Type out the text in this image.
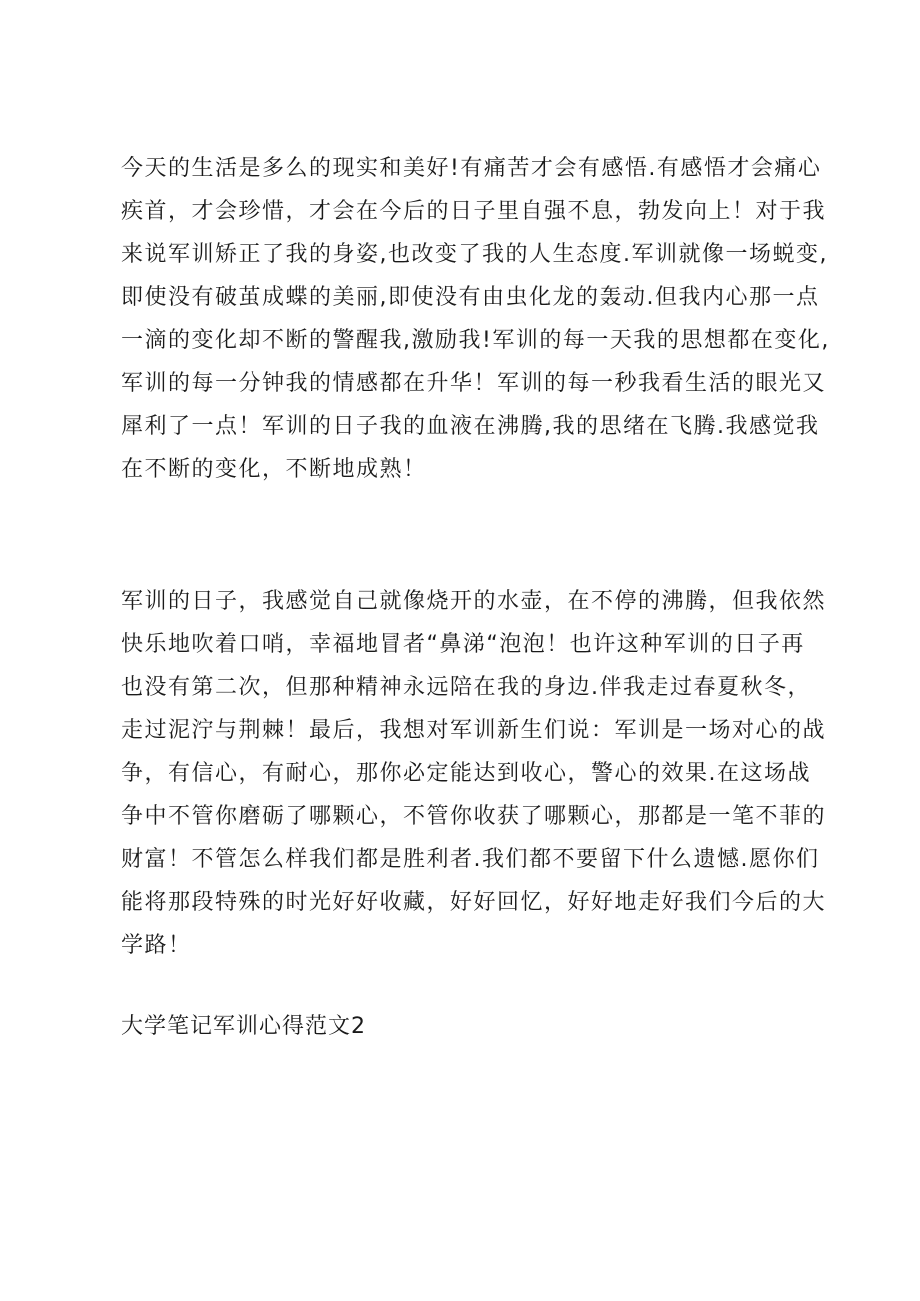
今天的生活是多么的现实和美好!有痛苦才会有感悟.有感悟才会痛心
疾首，才会珍惜，才会在今后的日子里自强不息，勃发向上！对于我
来说军训矫正了我的身姿,也改变了我的人生态度.军训就像一场蜕变,
即使没有破茧成蝶的美丽,即使没有由虫化龙的轰动.但我内心那一点
一滴的变化却不断的警醒我,激励我!军训的每一天我的思想都在变化,
军训的每一分钟我的情感都在升华！军训的每一秒我看生活的眼光又
犀利了一点！军训的日子我的血液在沸腾,我的思绪在飞腾.我感觉我
在不断的变化，不断地成熟！
军训的日子，我感觉自己就像烧开的水壶，在不停的沸腾，但我依然
快乐地吹着口哨，幸福地冒者“鼻涕“泡泡！也许这种军训的日子再
也没有第二次，但那种精神永远陪在我的身边.伴我走过春夏秋冬，
走过泥泞与荆棘！最后，我想对军训新生们说：军训是一场对心的战
争，有信心，有耐心，那你必定能达到收心，警心的效果.在这场战
争中不管你磨砺了哪颗心，不管你收获了哪颗心，那都是一笔不菲的
财富！不管怎么样我们都是胜利者.我们都不要留下什么遗憾.愿你们
能将那段特殊的时光好好收藏，好好回忆，好好地走好我们今后的大
学路！
大学笔记军训心得范文2
